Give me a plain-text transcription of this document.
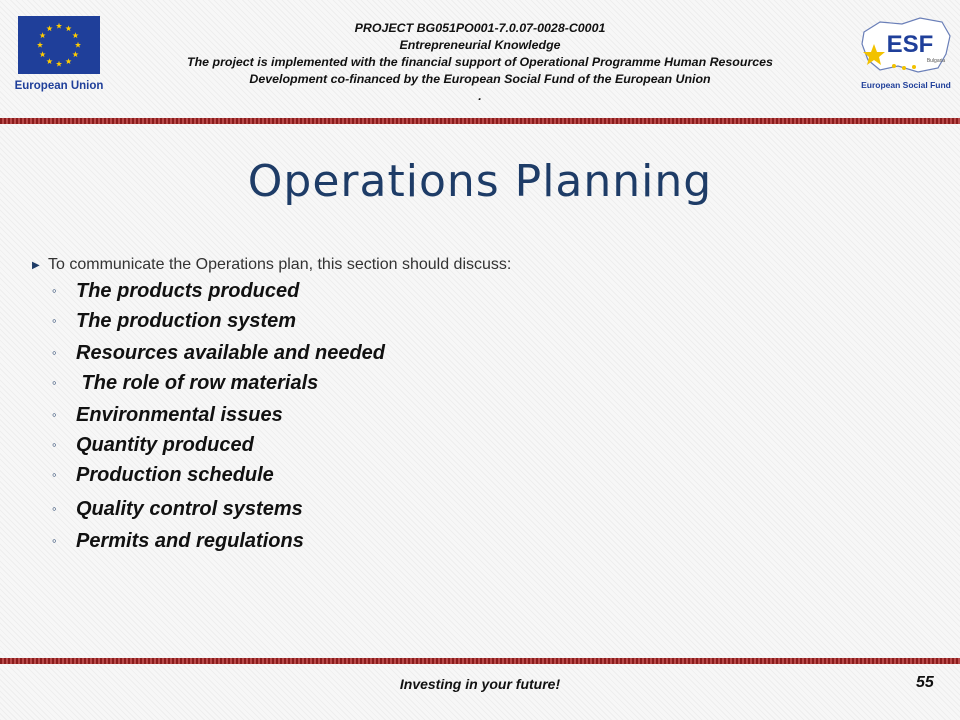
European Union
ESF
Bulgaria
European Social Fund
PROJECT BG051PO001-7.0.07-0028-C0001
Entrepreneurial Knowledge
The project is implemented with the financial support of Operational Programme Human Resources
Development co-financed by the European Social Fund of the European Union
.
Operations Planning
▶ To communicate the Operations plan, this section should discuss:
◦ The products produced
◦ The production system
◦ Resources available and needed
◦ The role of row materials
◦ Environmental issues
◦ Quantity produced
◦ Production schedule
◦ Quality control systems
◦ Permits and regulations
Investing in your future!	55
